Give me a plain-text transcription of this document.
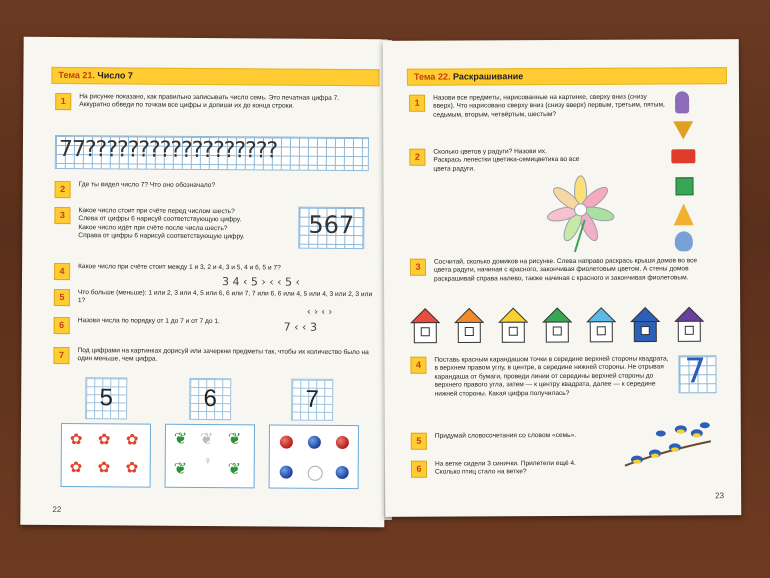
Тема 21. Число 7
1	На рисунке показано, как правильно записывать число семь. Это печатная цифра 7. Аккуратно обведи по точкам все цифры и допиши их до конца строки.
77??????????????????
2	Где ты видел число 7? Что оно обозначало?
3	Какое число стоит при счёте перед числом шесть?
Слева от цифры 6 нарисуй соответствующую цифру.
Какое число идёт при счёте после числа шесть?
Справа от цифры 6 нарисуй соответствующую цифру.	567
4	Какое число при счёте стоит между 1 и 3, 2 и 4, 3 и 5, 4 и 6, 5 и 7?
3 4 ‹ 5 › ‹ ‹ 5 ‹
5	Что больше (меньше): 1 или 2, 3 или 4, 5 или 6, 6 или 7, 7 или 6, 6 или 4, 5 или 4, 3 или 2, 3 или 1?
‹ › ‹ ›
6	Назови числа по порядку от 1 до 7 и от 7 до 1.	7 ‹ ‹ 3
7	Под цифрами на картинках дорисуй или зачеркни предметы так, чтобы их количество было на один меньше, чем цифра.
5	6	7
✿ ✿ ✿
✿ ✿ ✿
❦ ❦ ❦
❦ ♀
❦
22
Тема 22. Раскрашивание
1
Назови все предметы, нарисованные на картинке, сверху вниз (снизу вверх). Что нарисовано сверху вниз (снизу вверх) первым, третьим, пятым, седьмым, вторым, четвёртым, шестым?
2	Сколько цветов у радуги? Назови их.
Раскрась лепестки цветика-семицветика во все цвета радуги.
3
Сосчитай, сколько домиков на рисунке. Слева направо раскрась крыши домов во все цвета радуги, начиная с красного, закончивая фиолетовым цветом. А стены домов раскрашивай справа налево, также начиная с красного и закончивая фиолетовым.
4
Поставь красным карандашом точки в середине верхней стороны квадрата, в верхнем правом углу, в центре, в середине нижней стороны. Не отрывая карандаша от бумаги, проведи линии от середины верхней стороны до верхнего правого угла, затем — к центру квадрата, далее — к середине нижней стороны. Какая цифра получилась?
7
5	Придумай словосочетания со словом «семь».
6	На ветке сидели 3 синички. Прилетели ещё 4.
Сколько птиц стало на ветке?
23
